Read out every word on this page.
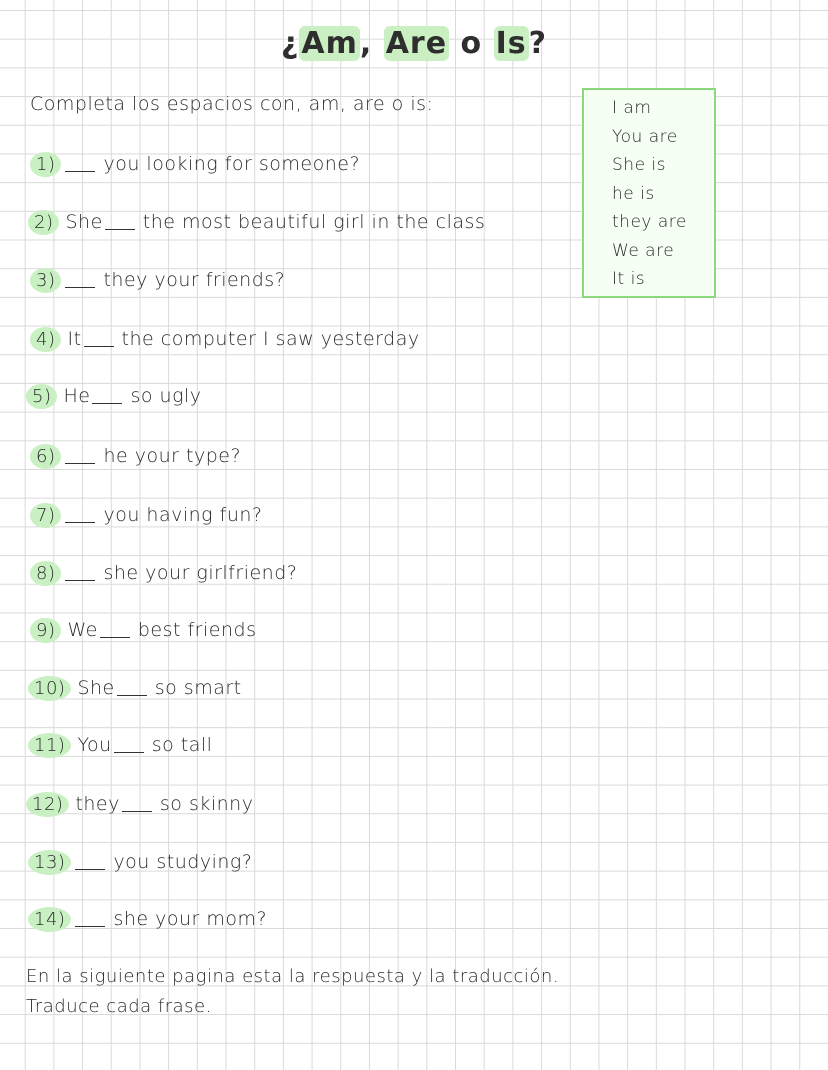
¿Am, Are o Is?
Completa los espacios con, am, are o is:	I am
You are
She is
he is
they are
We are
It is
1)	you looking for someone?
2) She the most beautiful girl in the class
3)	they your friends?
4) It the computer I saw yesterday
5) He so ugly
6)	he your type?
7)	you having fun?
8)	she your girlfriend?
9) We best friends
10) She so smart
11) You so tall
12) they so skinny
13)	you studying?
14)	she your mom?
En la siguiente pagina esta la respuesta y la traducción.
Traduce cada frase.
